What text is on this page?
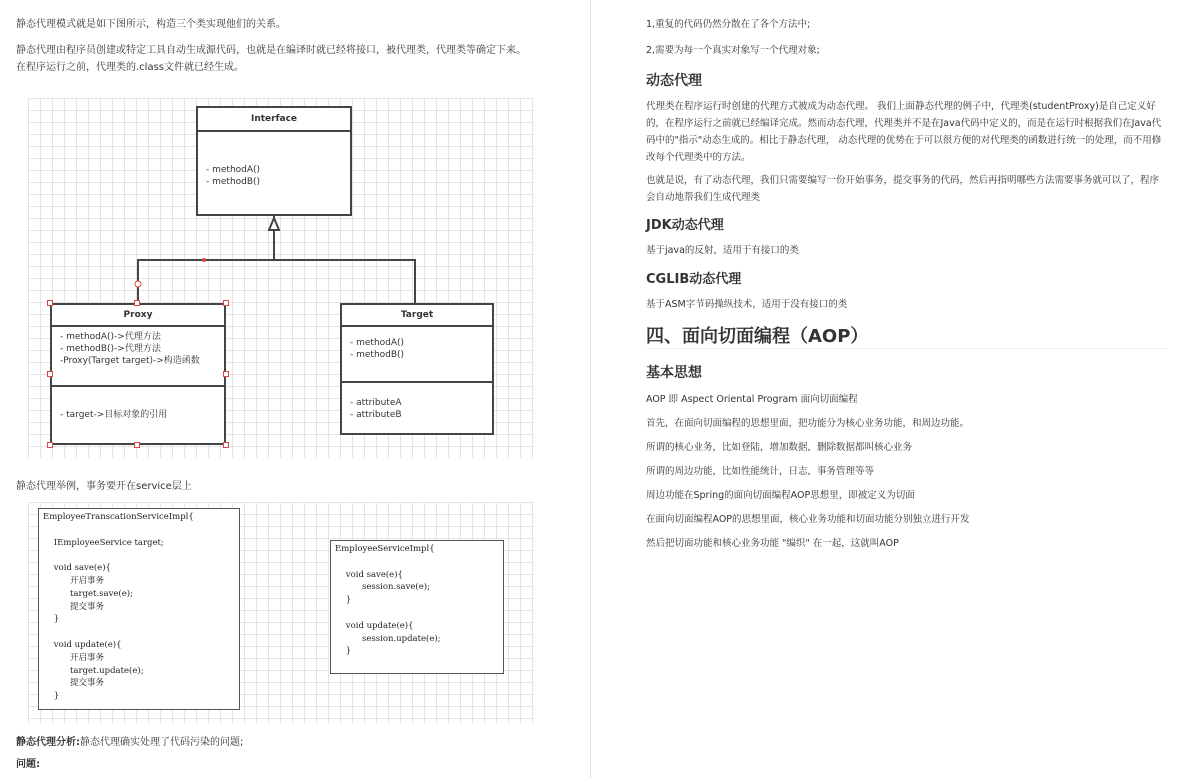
静态代理模式就是如下图所示，构造三个类实现他们的关系。

静态代理由程序员创建或特定工具自动生成源代码，也就是在编译时就已经将接口，被代理类，代理类等确定下来。在程序运行之前，代理类的.class文件就已经生成。

Interface
- methodA()
- methodB()
Proxy
- methodA()->代理方法
- methodB()->代理方法
-Proxy(Target target)->构造函数
- target->目标对象的引用
Target
- methodA()
- methodB()
- attributeA
- attributeB

静态代理举例，事务要开在service层上

EmployeeTranscationServiceImpl{

IEmployeeService target;

void save(e){
开启事务
target.save(e);
提交事务
}

void update(e){
开启事务
target.update(e);
提交事务
}
EmployeeServiceImpl{

void save(e){
session.save(e);
}

void update(e){
session.update(e);
}

静态代理分析:静态代理确实处理了代码污染的问题;

问题:

1,重复的代码仍然分散在了各个方法中;
2,需要为每一个真实对象写一个代理对象;
动态代理
代理类在程序运行时创建的代理方式被成为动态代理。 我们上面静态代理的例子中，代理类(studentProxy)是自己定义好的，在程序运行之前就已经编译完成。然而动态代理，代理类并不是在Java代码中定义的，而是在运行时根据我们在Java代码中的"指示"动态生成的。相比于静态代理， 动态代理的优势在于可以很方便的对代理类的函数进行统一的处理，而不用修改每个代理类中的方法。
也就是说，有了动态代理，我们只需要编写一份开始事务，提交事务的代码，然后再指明哪些方法需要事务就可以了，程序会自动地帮我们生成代理类
JDK动态代理
基于java的反射，适用于有接口的类
CGLIB动态代理
基于ASM字节码操纵技术，适用于没有接口的类
四、面向切面编程（AOP）
基本思想
AOP 即 Aspect Oriental Program 面向切面编程
首先，在面向切面编程的思想里面，把功能分为核心业务功能，和周边功能。
所谓的核心业务，比如登陆，增加数据，删除数据都叫核心业务
所谓的周边功能，比如性能统计，日志，事务管理等等
周边功能在Spring的面向切面编程AOP思想里，即被定义为切面
在面向切面编程AOP的思想里面，核心业务功能和切面功能分别独立进行开发
然后把切面功能和核心业务功能 "编织" 在一起，这就叫AOP
